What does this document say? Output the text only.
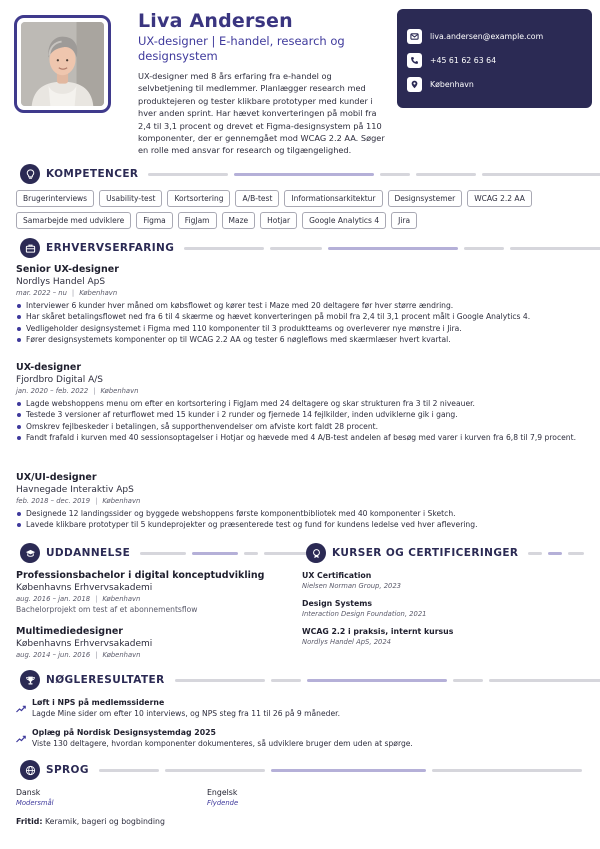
Liva Andersen
UX-designer | E-handel, research og designsystem
UX-designer med 8 års erfaring fra e-handel og selvbetjening til medlemmer. Planlægger research med produktejeren og tester klikbare prototyper med kunder i hver anden sprint. Har hævet konverteringen på mobil fra 2,4 til 3,1 procent og drevet et Figma-designsystem på 110 komponenter, der er gennemgået mod WCAG 2.2 AA. Søger en rolle med ansvar for research og tilgængelighed.
liva.andersen@example.com
+45 61 62 63 64
København
KOMPETENCER
Brugerinterviews	Usability-test	Kortsortering	A/B-test	Informationsarkitektur	Designsystemer	WCAG 2.2 AA
Samarbejde med udviklere	Figma	FigJam	Maze	Hotjar	Google Analytics 4	Jira
ERHVERVSERFARING
Senior UX-designer
Nordlys Handel ApS
mar. 2022 – nu | København
Interviewer 6 kunder hver måned om købsflowet og kører test i Maze med 20 deltagere før hver større ændring.
Har skåret betalingsflowet ned fra 6 til 4 skærme og hævet konverteringen på mobil fra 2,4 til 3,1 procent målt i Google Analytics 4.
Vedligeholder designsystemet i Figma med 110 komponenter til 3 produktteams og overleverer nye mønstre i Jira.
Fører designsystemets komponenter op til WCAG 2.2 AA og tester 6 nøgleflows med skærmlæser hvert kvartal.
UX-designer
Fjordbro Digital A/S
jan. 2020 – feb. 2022 | København
Lagde webshoppens menu om efter en kortsortering i FigJam med 24 deltagere og skar strukturen fra 3 til 2 niveauer.
Testede 3 versioner af returflowet med 15 kunder i 2 runder og fjernede 14 fejlkilder, inden udviklerne gik i gang.
Omskrev fejlbeskeder i betalingen, så supporthenvendelser om afviste kort faldt 28 procent.
Fandt frafald i kurven med 40 sessionsoptagelser i Hotjar og hævede med 4 A/B-test andelen af besøg med varer i kurven fra 6,8 til 7,9 procent.
UX/UI-designer
Havnegade Interaktiv ApS
feb. 2018 – dec. 2019 | København
Designede 12 landingssider og byggede webshoppens første komponentbibliotek med 40 komponenter i Sketch.
Lavede klikbare prototyper til 5 kundeprojekter og præsenterede test og fund for kundens ledelse ved hver aflevering.
UDDANNELSE
Professionsbachelor i digital konceptudvikling
Københavns Erhvervsakademi
aug. 2016 – jan. 2018 | København
Bachelorprojekt om test af et abonnementsflow
Multimediedesigner
Københavns Erhvervsakademi
aug. 2014 – jun. 2016 | København
KURSER OG CERTIFICERINGER
UX Certification
Nielsen Norman Group, 2023
Design Systems
Interaction Design Foundation, 2021
WCAG 2.2 i praksis, internt kursus
Nordlys Handel ApS, 2024
NØGLERESULTATER
Løft i NPS på medlemssiderne
Lagde Mine sider om efter 10 interviews, og NPS steg fra 11 til 26 på 9 måneder.
Oplæg på Nordisk Designsystemdag 2025
Viste 130 deltagere, hvordan komponenter dokumenteres, så udviklere bruger dem uden at spørge.
SPROG
Dansk
Modersmål
Engelsk
Flydende
Fritid: Keramik, bageri og bogbinding
